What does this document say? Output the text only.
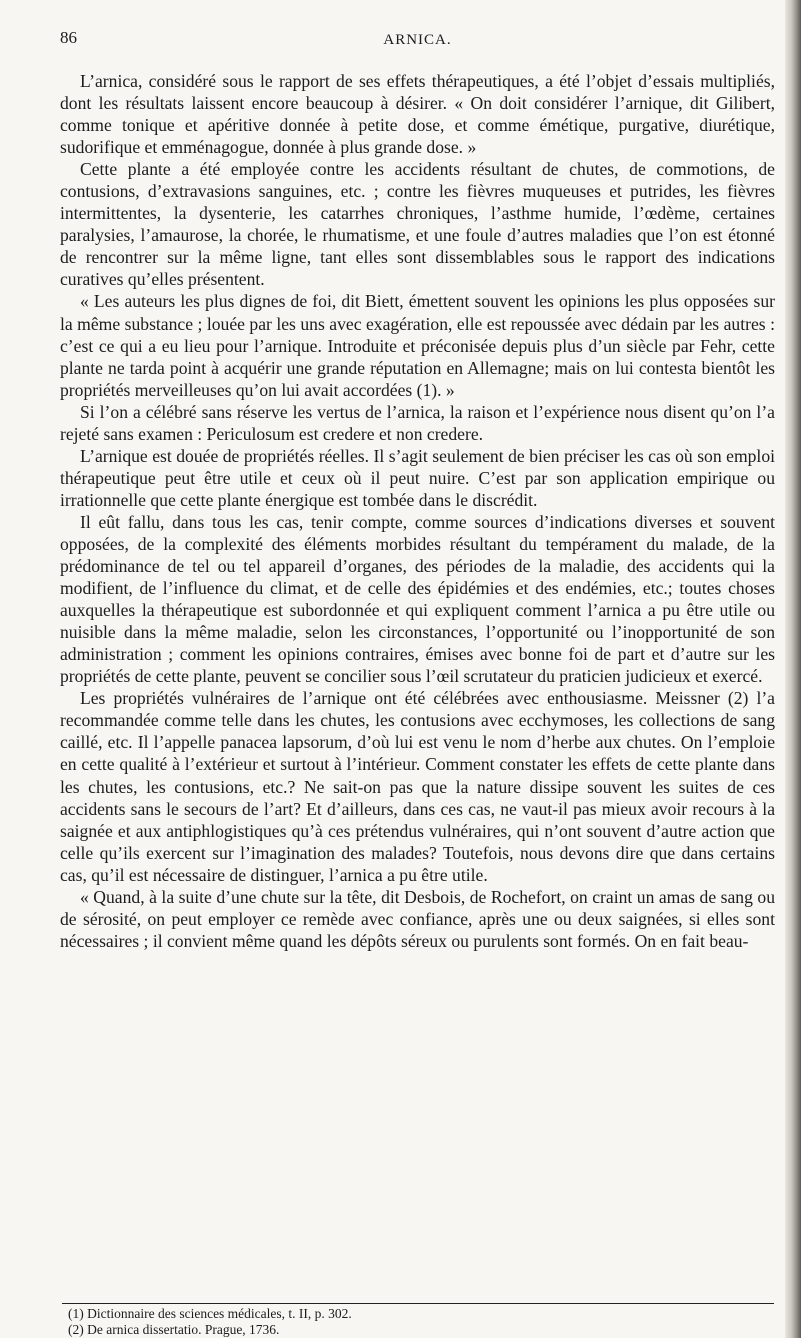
86	ARNICA.

L’arnica, considéré sous le rapport de ses effets thérapeutiques, a été l’objet d’essais multipliés, dont les résultats laissent encore beaucoup à désirer. « On doit considérer l’arnique, dit Gilibert, comme tonique et apéritive donnée à petite dose, et comme émétique, purgative, diurétique, sudorifique et emménagogue, donnée à plus grande dose. »

Cette plante a été employée contre les accidents résultant de chutes, de commotions, de contusions, d’extravasions sanguines, etc. ; contre les fièvres muqueuses et putrides, les fièvres intermittentes, la dysenterie, les catarrhes chroniques, l’asthme humide, l’œdème, certaines paralysies, l’amaurose, la chorée, le rhumatisme, et une foule d’autres maladies que l’on est étonné de rencontrer sur la même ligne, tant elles sont dissemblables sous le rapport des indications curatives qu’elles présentent.

« Les auteurs les plus dignes de foi, dit Biett, émettent souvent les opinions les plus opposées sur la même substance ; louée par les uns avec exagération, elle est repoussée avec dédain par les autres : c’est ce qui a eu lieu pour l’arnique. Introduite et préconisée depuis plus d’un siècle par Fehr, cette plante ne tarda point à acquérir une grande réputation en Allemagne; mais on lui contesta bientôt les propriétés merveilleuses qu’on lui avait accordées (1). »

Si l’on a célébré sans réserve les vertus de l’arnica, la raison et l’expérience nous disent qu’on l’a rejeté sans examen : Periculosum est credere et non credere.

L’arnique est douée de propriétés réelles. Il s’agit seulement de bien préciser les cas où son emploi thérapeutique peut être utile et ceux où il peut nuire. C’est par son application empirique ou irrationnelle que cette plante énergique est tombée dans le discrédit.

Il eût fallu, dans tous les cas, tenir compte, comme sources d’indications diverses et souvent opposées, de la complexité des éléments morbides résultant du tempérament du malade, de la prédominance de tel ou tel appareil d’organes, des périodes de la maladie, des accidents qui la modifient, de l’influence du climat, et de celle des épidémies et des endémies, etc.; toutes choses auxquelles la thérapeutique est subordonnée et qui expliquent comment l’arnica a pu être utile ou nuisible dans la même maladie, selon les circonstances, l’opportunité ou l’inopportunité de son administration ; comment les opinions contraires, émises avec bonne foi de part et d’autre sur les propriétés de cette plante, peuvent se concilier sous l’œil scrutateur du praticien judicieux et exercé.

Les propriétés vulnéraires de l’arnique ont été célébrées avec enthousiasme. Meissner (2) l’a recommandée comme telle dans les chutes, les contusions avec ecchymoses, les collections de sang caillé, etc. Il l’appelle panacea lapsorum, d’où lui est venu le nom d’herbe aux chutes. On l’emploie en cette qualité à l’extérieur et surtout à l’intérieur. Comment constater les effets de cette plante dans les chutes, les contusions, etc.? Ne sait-on pas que la nature dissipe souvent les suites de ces accidents sans le secours de l’art? Et d’ailleurs, dans ces cas, ne vaut-il pas mieux avoir recours à la saignée et aux antiphlogistiques qu’à ces prétendus vulnéraires, qui n’ont souvent d’autre action que celle qu’ils exercent sur l’imagination des malades? Toutefois, nous devons dire que dans certains cas, qu’il est nécessaire de distinguer, l’arnica a pu être utile.

« Quand, à la suite d’une chute sur la tête, dit Desbois, de Rochefort, on craint un amas de sang ou de sérosité, on peut employer ce remède avec confiance, après une ou deux saignées, si elles sont nécessaires ; il convient même quand les dépôts séreux ou purulents sont formés. On en fait beau-

(1) Dictionnaire des sciences médicales, t. II, p. 302.
(2) De arnica dissertatio. Prague, 1736.
